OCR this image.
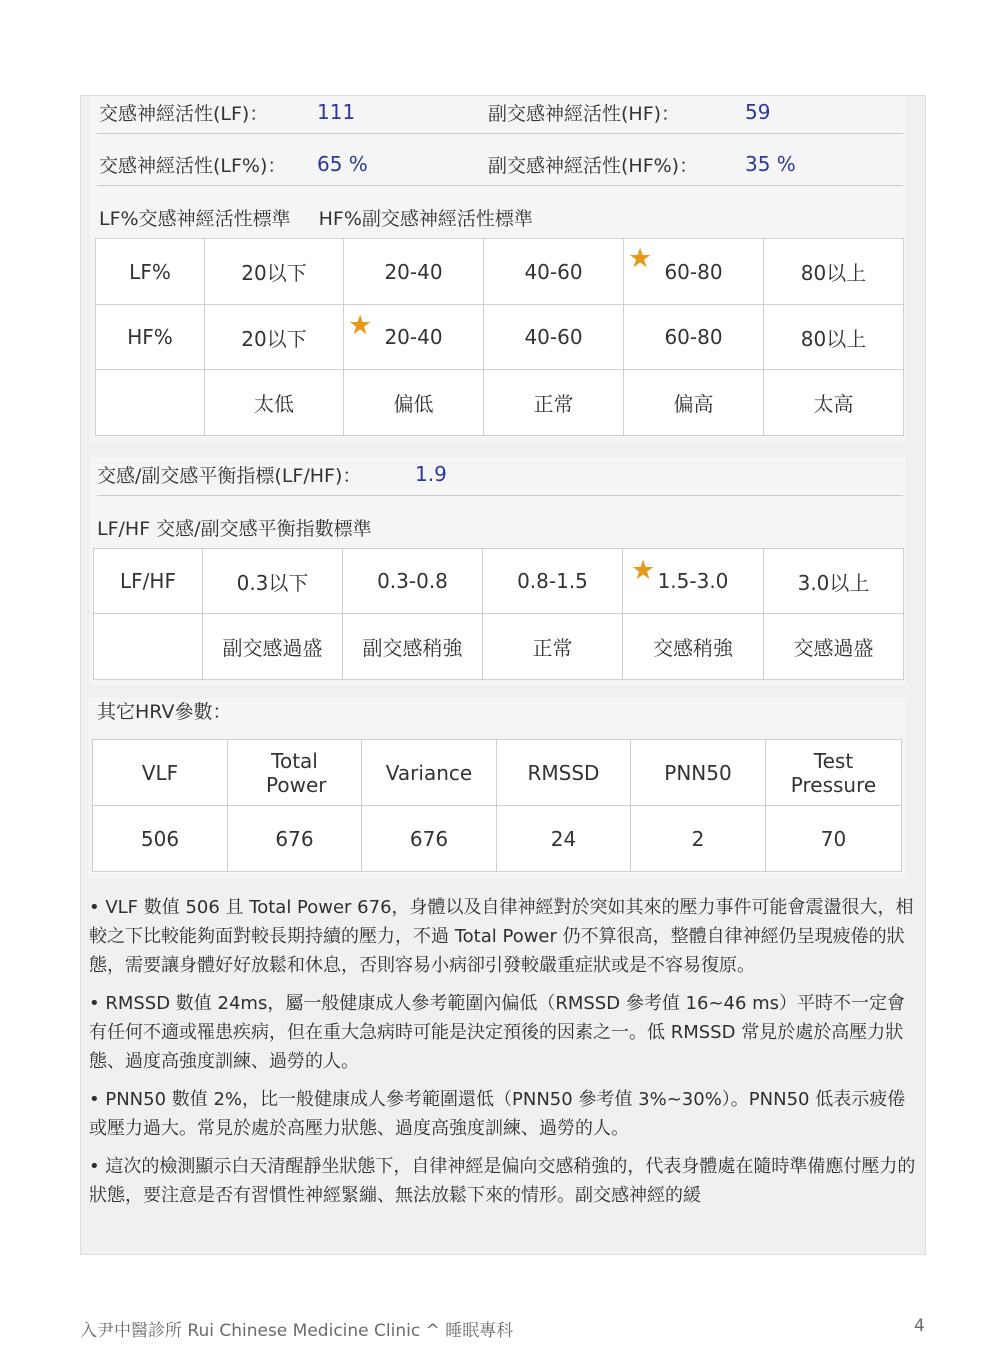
交感神經活性(LF)：	111	副交感神經活性(HF)：	59
交感神經活性(LF%)：	65 %	副交感神經活性(HF%)：	35 %
LF%交感神經活性標準 HF%副交感神經活性標準
LF%	20以下	20-40	40-60	★ 60-80	80以上
HF%	20以下	★ 20-40	40-60	60-80	80以上
	太低	偏低	正常	偏高	太高
交感/副交感平衡指標(LF/HF)：	1.9
LF/HF 交感/副交感平衡指數標準
LF/HF	0.3以下	0.3-0.8	0.8-1.5	★ 1.5-3.0	3.0以上
	副交感過盛	副交感稍強	正常	交感稍強	交感過盛
其它HRV參數：
VLF	Total Power	Variance	RMSSD	PNN50	Test Pressure
506	676	676	24	2	70

• VLF 數值 506 且 Total Power 676，身體以及自律神經對於突如其來的壓力事件可能會震盪很大，相較之下比較能夠面對較長期持續的壓力，不過 Total Power 仍不算很高，整體自律神經仍呈現疲倦的狀態，需要讓身體好好放鬆和休息，否則容易小病卻引發較嚴重症狀或是不容易復原。

• RMSSD 數值 24ms，屬一般健康成人參考範圍內偏低（RMSSD 參考值 16~46 ms）平時不一定會有任何不適或罹患疾病，但在重大急病時可能是決定預後的因素之一。低 RMSSD 常見於處於高壓力狀態、過度高強度訓練、過勞的人。

• PNN50 數值 2%，比一般健康成人參考範圍還低（PNN50 參考值 3%~30%）。PNN50 低表示疲倦或壓力過大。常見於處於高壓力狀態、過度高強度訓練、過勞的人。

• 這次的檢測顯示白天清醒靜坐狀態下，自律神經是偏向交感稍強的，代表身體處在隨時準備應付壓力的狀態，要注意是否有習慣性神經緊繃、無法放鬆下來的情形。副交感神經的緩

入尹中醫診所 Rui Chinese Medicine Clinic ^ 睡眠專科	4
